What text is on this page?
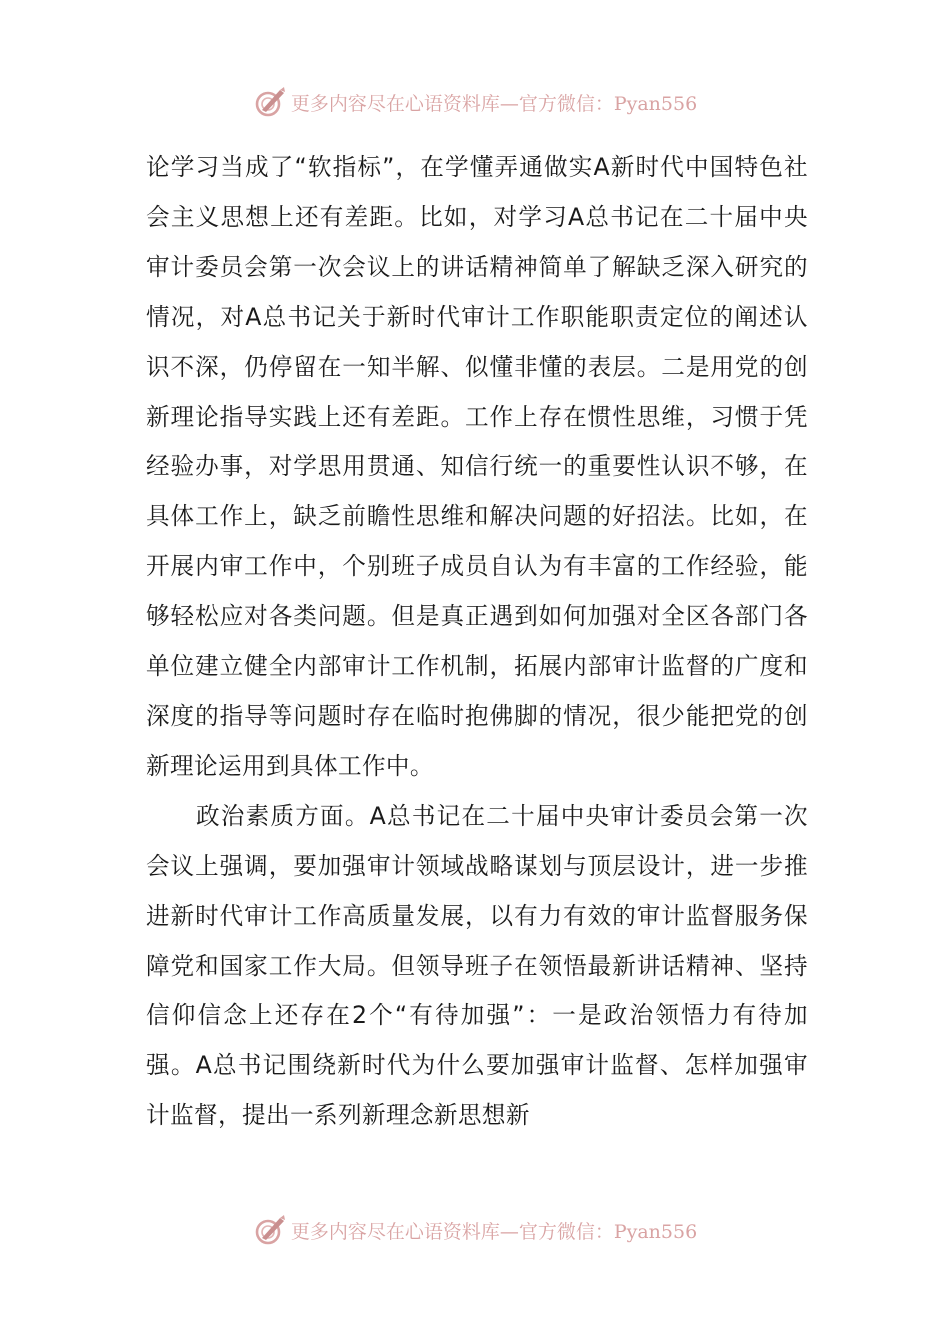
更多内容尽在心语资料库—官方微信：Pyan556

论学习当成了“软指标”，在学懂弄通做实A新时代中国特色社会主义思想上还有差距。比如，对学习A总书记在二十届中央审计委员会第一次会议上的讲话精神简单了解缺乏深入研究的情况，对A总书记关于新时代审计工作职能职责定位的阐述认识不深，仍停留在一知半解、似懂非懂的表层。二是用党的创新理论指导实践上还有差距。工作上存在惯性思维，习惯于凭经验办事，对学思用贯通、知信行统一的重要性认识不够，在具体工作上，缺乏前瞻性思维和解决问题的好招法。比如，在开展内审工作中，个别班子成员自认为有丰富的工作经验，能够轻松应对各类问题。但是真正遇到如何加强对全区各部门各单位建立健全内部审计工作机制，拓展内部审计监督的广度和深度的指导等问题时存在临时抱佛脚的情况，很少能把党的创新理论运用到具体工作中。

政治素质方面。A总书记在二十届中央审计委员会第一次会议上强调，要加强审计领域战略谋划与顶层设计，进一步推进新时代审计工作高质量发展，以有力有效的审计监督服务保障党和国家工作大局。但领导班子在领悟最新讲话精神、坚持信仰信念上还存在2个“有待加强”：一是政治领悟力有待加强。A总书记围绕新时代为什么要加强审计监督、怎样加强审计监督，提出一系列新理念新思想新

更多内容尽在心语资料库—官方微信：Pyan556
